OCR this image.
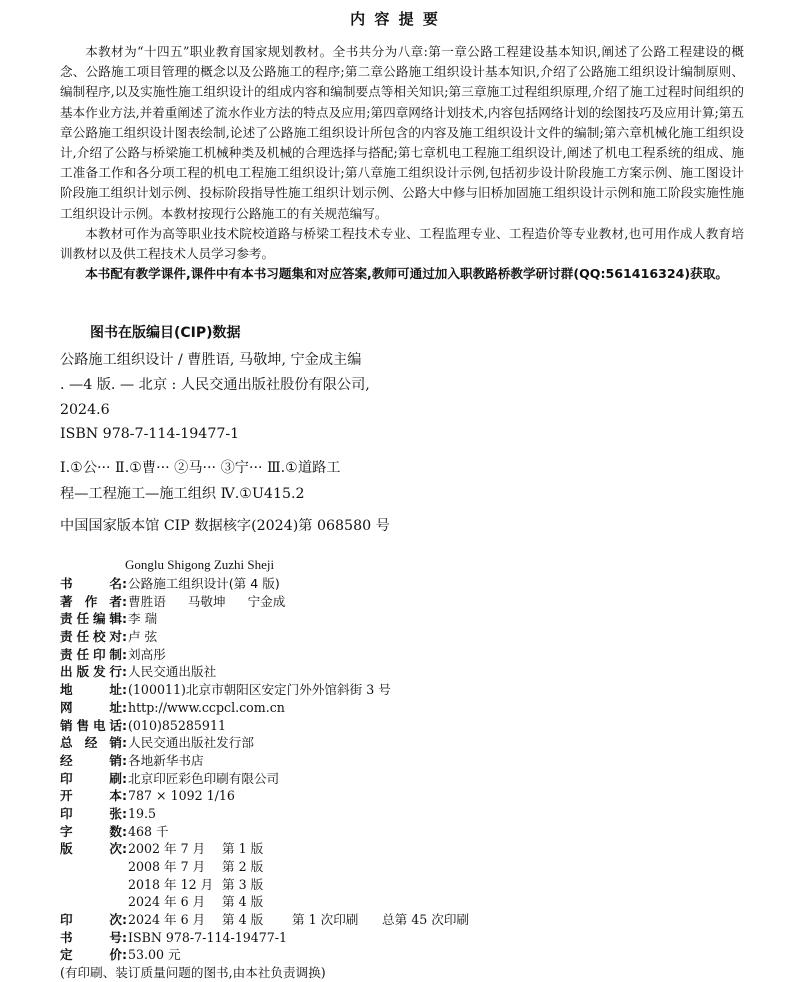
内 容 提 要

本教材为“十四五”职业教育国家规划教材。全书共分为八章:第一章公路工程建设基本知识,阐述了公路工程建设的概念、公路施工项目管理的概念以及公路施工的程序;第二章公路施工组织设计基本知识,介绍了公路施工组织设计编制原则、编制程序,以及实施性施工组织设计的组成内容和编制要点等相关知识;第三章施工过程组织原理,介绍了施工过程时间组织的基本作业方法,并着重阐述了流水作业方法的特点及应用;第四章网络计划技术,内容包括网络计划的绘图技巧及应用计算;第五章公路施工组织设计图表绘制,论述了公路施工组织设计所包含的内容及施工组织设计文件的编制;第六章机械化施工组织设计,介绍了公路与桥梁施工机械种类及机械的合理选择与搭配;第七章机电工程施工组织设计,阐述了机电工程系统的组成、施工准备工作和各分项工程的机电工程施工组织设计;第八章施工组织设计示例,包括初步设计阶段施工方案示例、施工图设计阶段施工组织计划示例、投标阶段指导性施工组织计划示例、公路大中修与旧桥加固施工组织设计示例和施工阶段实施性施工组织设计示例。本教材按现行公路施工的有关规范编写。

本教材可作为高等职业技术院校道路与桥梁工程技术专业、工程监理专业、工程造价等专业教材,也可用作成人教育培训教材以及供工程技术人员学习参考。

本书配有教学课件,课件中有本书习题集和对应答案,教师可通过加入职教路桥教学研讨群(QQ:561416324)获取。

图书在版编目(CIP)数据
公路施工组织设计 / 曹胜语, 马敬坤, 宁金成主编
. —4 版. — 北京 : 人民交通出版社股份有限公司,
2024.6
ISBN 978-7-114-19477-1
Ⅰ.①公··· Ⅱ.①曹··· ②马··· ③宁··· Ⅲ.①道路工
程—工程施工—施工组织 Ⅳ.①U415.2
中国国家版本馆 CIP 数据核字(2024)第 068580 号
Gonglu Shigong Zuzhi Sheji
书 名 : 公路施工组织设计(第 4 版)
著 作 者 : 曹胜语 马敬坤 宁金成
责任编辑 : 李 瑞
责任校对 : 卢 弦
责任印制 : 刘高彤
出版发行 : 人民交通出版社
地 址 : (100011)北京市朝阳区安定门外外馆斜街 3 号
网 址 : http://www.ccpcl.com.cn
销售电话 : (010)85285911
总 经 销 : 人民交通出版社发行部
经 销 : 各地新华书店
印 刷 : 北京印匠彩色印刷有限公司
开 本 : 787 × 1092 1/16
印 张 : 19.5
字 数 : 468 千
版 次 : 2002 年 7 月	第 1 版
2008 年 7 月	第 2 版
2018 年 12 月 第 3 版
2024 年 6 月	第 4 版
印 次 : 2024 年 6 月	第 4 版	第 1 次印刷	总第 45 次印刷
书 号 : ISBN 978-7-114-19477-1
定 价 : 53.00 元
(有印刷、装订质量问题的图书,由本社负责调换)
